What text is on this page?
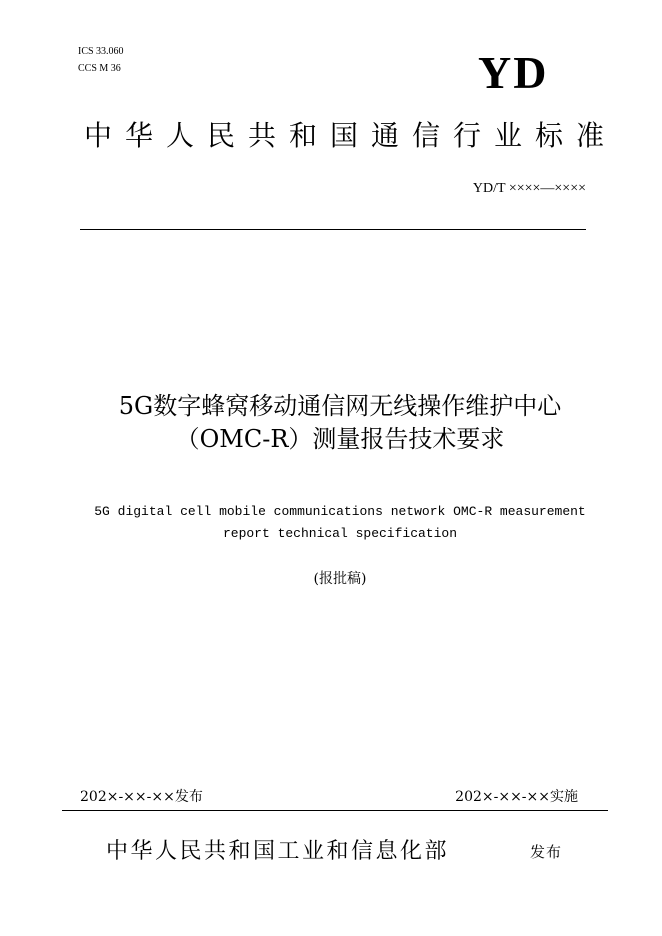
ICS 33.060
CCS M 36	YD
中华人民共和国通信行业标准
YD/T ××××—××××
5G数字蜂窝移动通信网无线操作维护中心
（OMC-R）测量报告技术要求
5G digital cell mobile communications network OMC-R measurement
report technical specification
(报批稿)
202×-××-××发布	202×-××-××实施
中华人民共和国工业和信息化部	发布
